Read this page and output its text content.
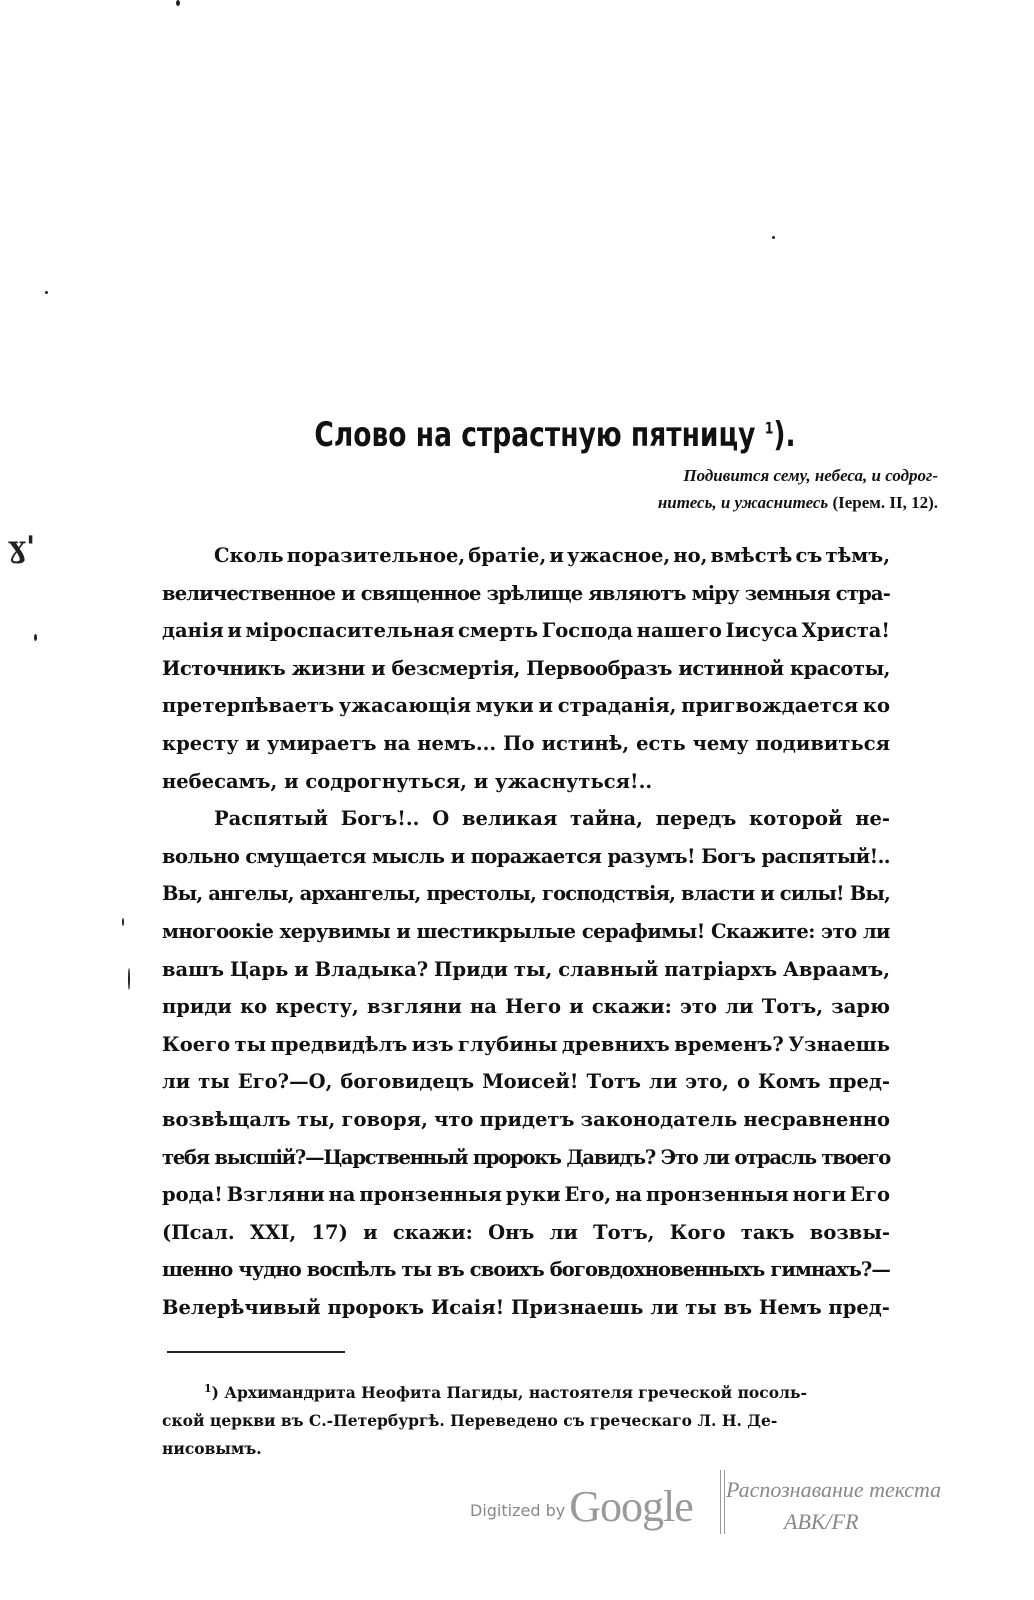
ɣ'
Слово на страстную пятницу $^1$).
Подивится сему, небеса, и содрог-
нитесь, и ужаснитесь (Іерем. II, 12).

Сколь поразительное, братіе, и ужасное, но, вмѣстѣ съ тѣмъ,
величественное и священное зрѣлище являютъ міру земныя стра-
данія и міроспасительная смерть Господа нашего Іисуса Христа!
Источникъ жизни и безсмертія, Первообразъ истинной красоты,
претерпѣваетъ ужасающія муки и страданія, пригвождается ко
кресту и умираетъ на немъ... По истинѣ, есть чему подивиться
небесамъ, и содрогнуться, и ужаснуться!..

Распятый Богъ!.. О великая тайна, передъ которой не-
вольно смущается мысль и поражается разумъ! Богъ распятый!..
Вы, ангелы, архангелы, престолы, господствія, власти и силы! Вы,
многоокіе херувимы и шестикрылые серафимы! Скажите: это ли
вашъ Царь и Владыка? Приди ты, славный патріархъ Авраамъ,
приди ко кресту, взгляни на Него и скажи: это ли Тотъ, зарю
Коего ты предвидѣлъ изъ глубины древнихъ временъ? Узнаешь
ли ты Его?—О, боговидецъ Моисей! Тотъ ли это, о Комъ пред-
возвѣщалъ ты, говоря, что придетъ законодатель несравненно
тебя высшій?—Царственный пророкъ Давидъ? Это ли отрасль твоего
рода! Взгляни на пронзенныя руки Его, на пронзенныя ноги Его
(Псал. XXI, 17) и скажи: Онъ ли Тотъ, Кого такъ возвы-
шенно чудно воспѣлъ ты въ своихъ боговдохновенныхъ гимнахъ?—
Велерѣчивый пророкъ Исаія! Признаешь ли ты въ Немъ пред-

$^1$) Архимандрита Неофита Пагиды, настоятеля греческой посоль-
ской церкви въ С.-Петербургѣ. Переведено съ греческаго Л. Н. Де-
нисовымъ.
Digitized by Google Распознавание текста
ABK/FR
